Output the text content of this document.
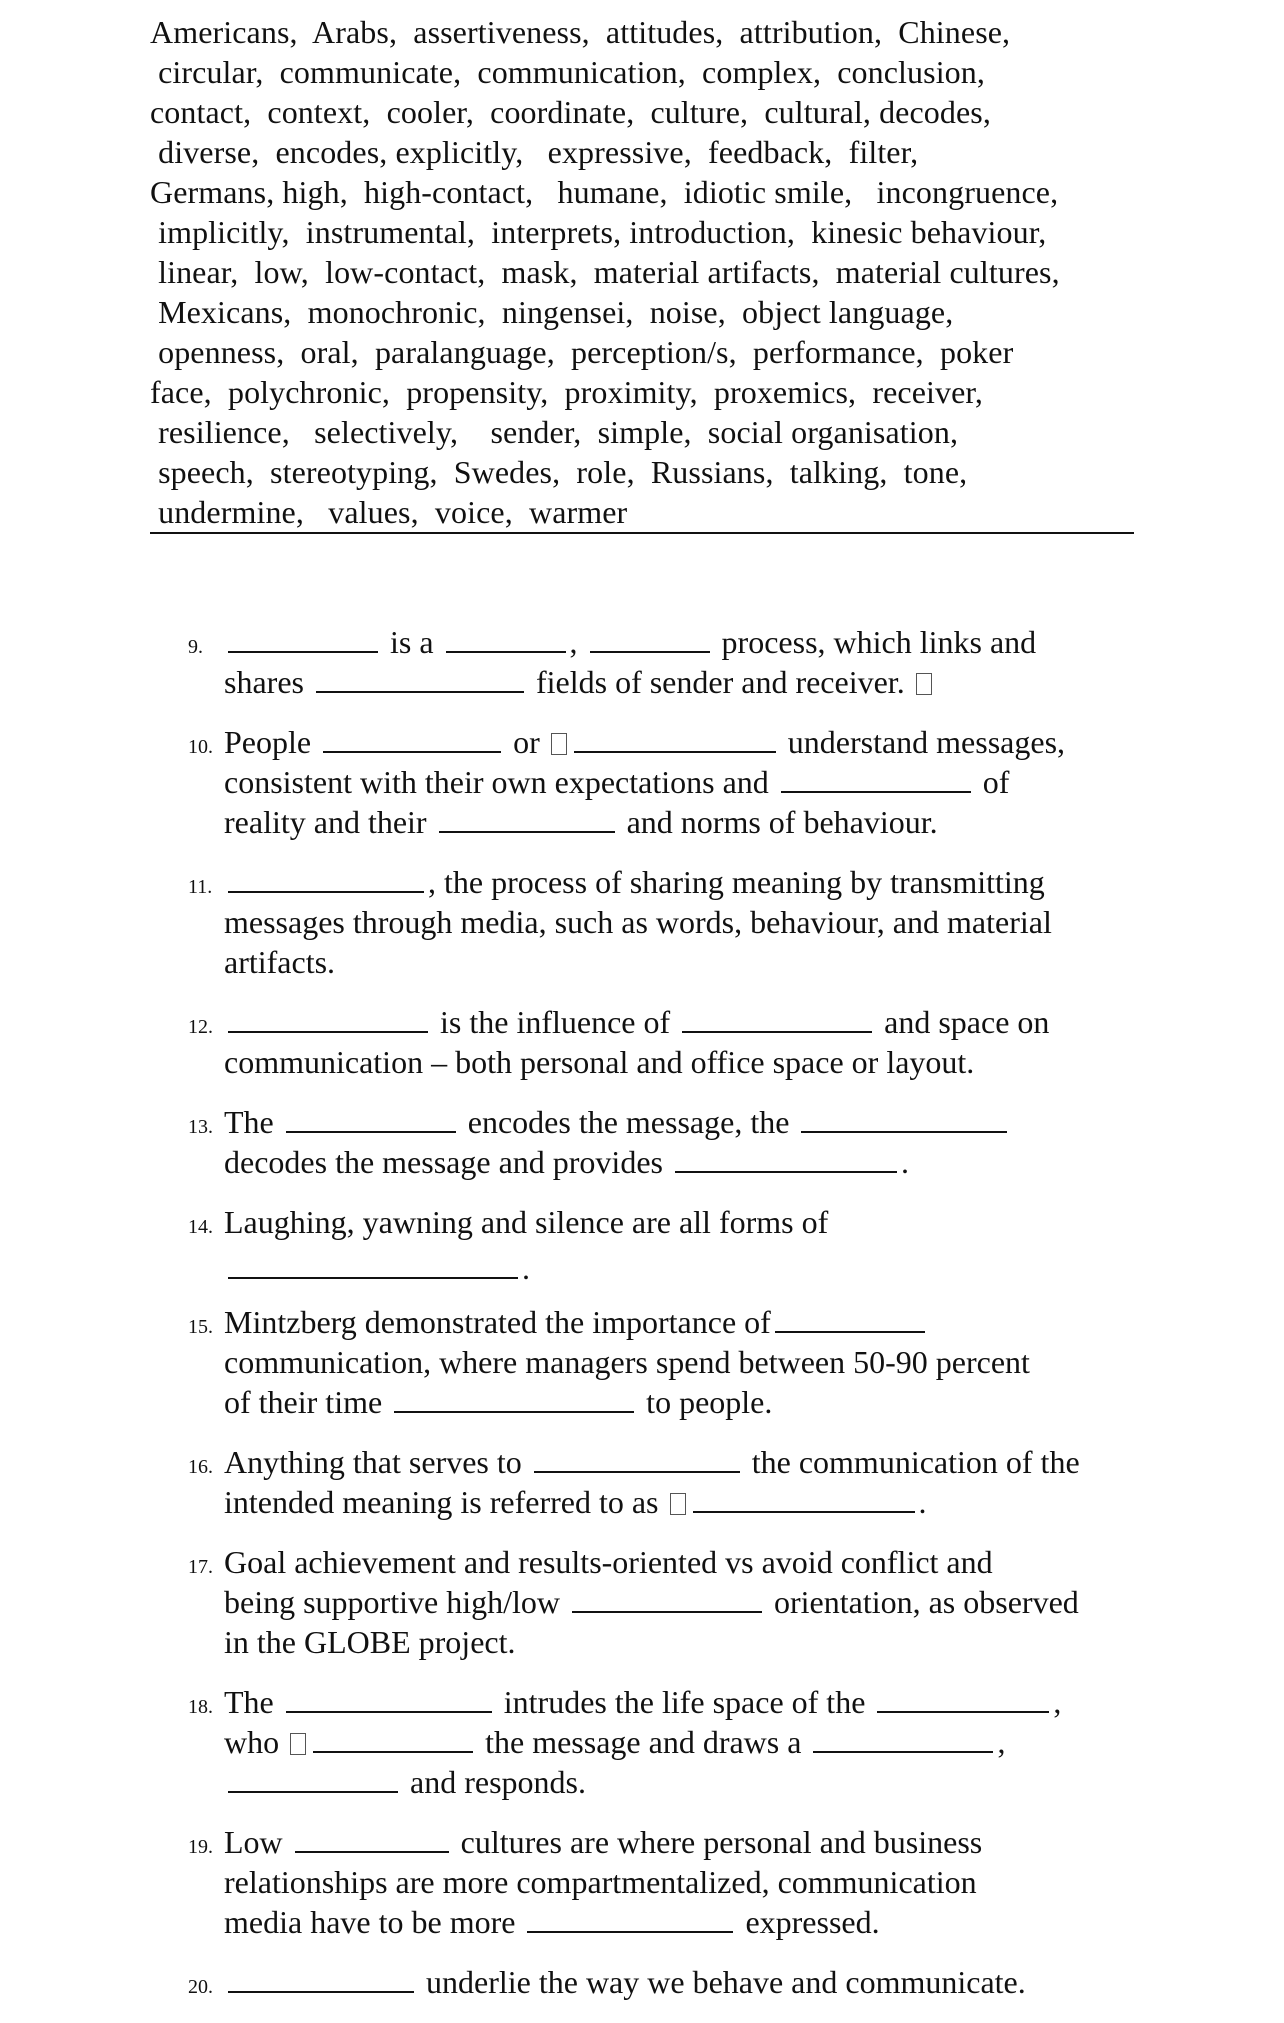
Americans,  Arabs,  assertiveness,  attitudes,  attribution,  Chinese,
circular,  communicate,  communication,  complex,  conclusion,
contact,  context,  cooler,  coordinate,  culture,  cultural, decodes,
diverse,  encodes, explicitly,   expressive,  feedback,  filter,
Germans, high,  high-contact,   humane,  idiotic smile,   incongruence,
implicitly,  instrumental,  interprets, introduction,  kinesic behaviour,
linear,  low,  low-contact,  mask,  material artifacts,  material cultures,
Mexicans,  monochronic,  ningensei,  noise,  object language,
openness,  oral,  paralanguage,  perception/s,  performance,  poker
face,  polychronic,  propensity,  proximity,  proxemics,  receiver,
resilience,   selectively,    sender,  simple,  social organisation,
speech,  stereotyping,  Swedes,  role,  Russians,  talking,  tone,
undermine,   values,  voice,  warmer
9.	is a	,	process, which links and
shares	fields of sender and receiver.
10. People	or	understand messages,
consistent with their own expectations and	of
reality and their	and norms of behaviour.
11.	, the process of sharing meaning by transmitting
messages through media, such as words, behaviour, and material
artifacts.
12.	is the influence of	and space on
communication – both personal and office space or layout.
13. The	encodes the message, the
decodes the message and provides	.
14. Laughing, yawning and silence are all forms of
.
15. Mintzberg demonstrated the importance of
communication, where managers spend between 50-90 percent
of their time	to people.
16. Anything that serves to	the communication of the
intended meaning is referred to as	.
17. Goal achievement and results-oriented vs avoid conflict and
being supportive high/low	orientation, as observed
in the GLOBE project.
18. The	intrudes the life space of the	,
who	the message and draws a	,
and responds.
19. Low	cultures are where personal and business
relationships are more compartmentalized, communication
media have to be more	expressed.
20.	underlie the way we behave and communicate.
